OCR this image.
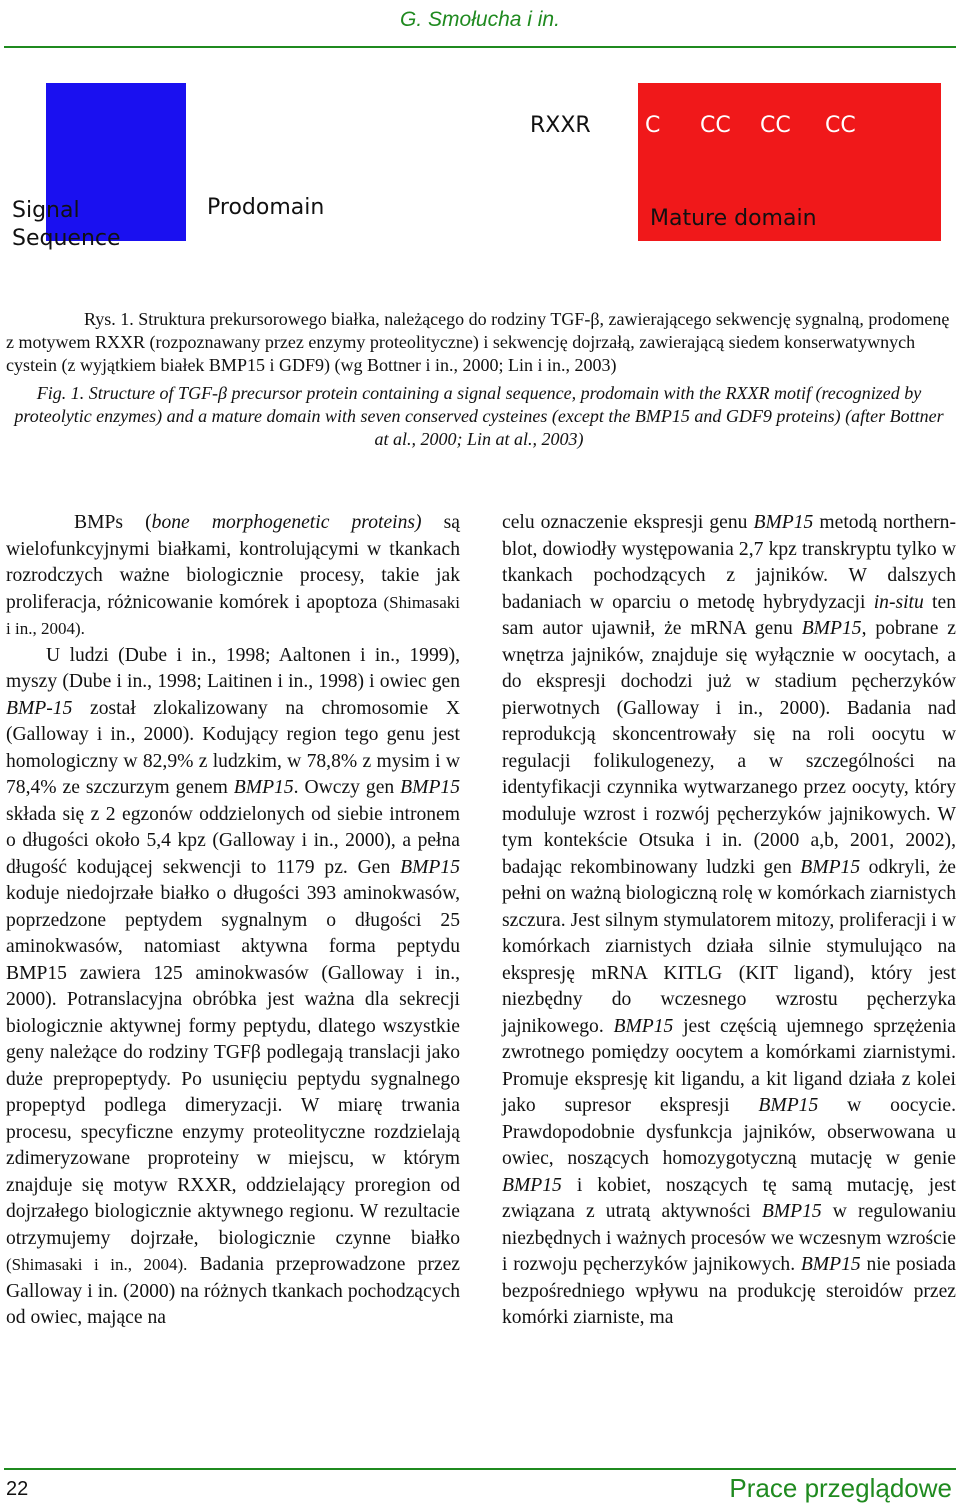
G. Smołucha i in.
RXXR C CC CC CC
Signal
Sequence
Prodomain	Mature domain
Rys. 1. Struktura prekursorowego białka, należącego do rodziny TGF-β, zawierającego sekwencję sygnalną, prodomenę z motywem RXXR (rozpoznawany przez enzymy proteolityczne) i sekwencję dojrzałą, zawierającą siedem konserwatywnych cystein (z wyjątkiem białek BMP15 i GDF9) (wg Bottner i in., 2000; Lin i in., 2003)
Fig. 1. Structure of TGF-β precursor protein containing a signal sequence, prodomain with the RXXR motif (recognized by proteolytic enzymes) and a mature domain with seven conserved cysteines (except the BMP15 and GDF9 proteins) (after Bottner at al., 2000; Lin at al., 2003)

BMPs (bone morphogenetic proteins) są wielofunkcyjnymi białkami, kontrolującymi w tkankach rozrodczych ważne biologicznie procesy, takie jak proliferacja, różnicowanie komórek i apoptoza (Shimasaki i in., 2004).

U ludzi (Dube i in., 1998; Aaltonen i in., 1999), myszy (Dube i in., 1998; Laitinen i in., 1998) i owiec gen BMP-15 został zlokalizowany na chromosomie X (Galloway i in., 2000). Kodujący region tego genu jest homologiczny w 82,9% z ludzkim, w 78,8% z mysim i w 78,4% ze szczurzym genem BMP15. Owczy gen BMP15 składa się z 2 egzonów oddzielonych od siebie intronem o długości około 5,4 kpz (Galloway i in., 2000), a pełna długość kodującej sekwencji to 1179 pz. Gen BMP15 koduje niedojrzałe białko o długości 393 aminokwasów, poprzedzone peptydem sygnalnym o długości 25 aminokwasów, natomiast aktywna forma peptydu BMP15 zawiera 125 aminokwasów (Galloway i in., 2000). Potranslacyjna obróbka jest ważna dla sekrecji biologicznie aktywnej formy peptydu, dlatego wszystkie geny należące do rodziny TGFβ podlegają translacji jako duże prepropeptydy. Po usunięciu peptydu sygnalnego propeptyd podlega dimeryzacji. W miarę trwania procesu, specyficzne enzymy proteolityczne rozdzielają zdimeryzowane proproteiny w miejscu, w którym znajduje się motyw RXXR, oddzielający proregion od dojrzałego biologicznie aktywnego regionu. W rezultacie otrzymujemy dojrzałe, biologicznie czynne białko (Shimasaki i in., 2004). Badania przeprowadzone przez Galloway i in. (2000) na różnych tkankach pochodzących od owiec, mające na

celu oznaczenie ekspresji genu BMP15 metodą northern-blot, dowiodły występowania 2,7 kpz transkryptu tylko w tkankach pochodzących z jajników. W dalszych badaniach w oparciu o metodę hybrydyzacji in-situ ten sam autor ujawnił, że mRNA genu BMP15, pobrane z wnętrza jajników, znajduje się wyłącznie w oocytach, a do ekspresji dochodzi już w stadium pęcherzyków pierwotnych (Galloway i in., 2000). Badania nad reprodukcją skoncentrowały się na roli oocytu w regulacji folikulogenezy, a w szczególności na identyfikacji czynnika wytwarzanego przez oocyty, który moduluje wzrost i rozwój pęcherzyków jajnikowych. W tym kontekście Otsuka i in. (2000 a,b, 2001, 2002), badając rekombinowany ludzki gen BMP15 odkryli, że pełni on ważną biologiczną rolę w komórkach ziarnistych szczura. Jest silnym stymulatorem mitozy, proliferacji i w komórkach ziarnistych działa silnie stymulująco na ekspresję mRNA KITLG (KIT ligand), który jest niezbędny do wczesnego wzrostu pęcherzyka jajnikowego. BMP15 jest częścią ujemnego sprzężenia zwrotnego pomiędzy oocytem a komórkami ziarnistymi. Promuje ekspresję kit ligandu, a kit ligand działa z kolei jako supresor ekspresji BMP15 w oocycie. Prawdopodobnie dysfunkcja jajników, obserwowana u owiec, noszących homozygotyczną mutację w genie BMP15 i kobiet, noszących tę samą mutację, jest związana z utratą aktywności BMP15 w regulowaniu niezbędnych i ważnych procesów we wczesnym wzroście i rozwoju pęcherzyków jajnikowych. BMP15 nie posiada bezpośredniego wpływu na produkcję steroidów przez komórki ziarniste, ma

22	Prace przeglądowe
